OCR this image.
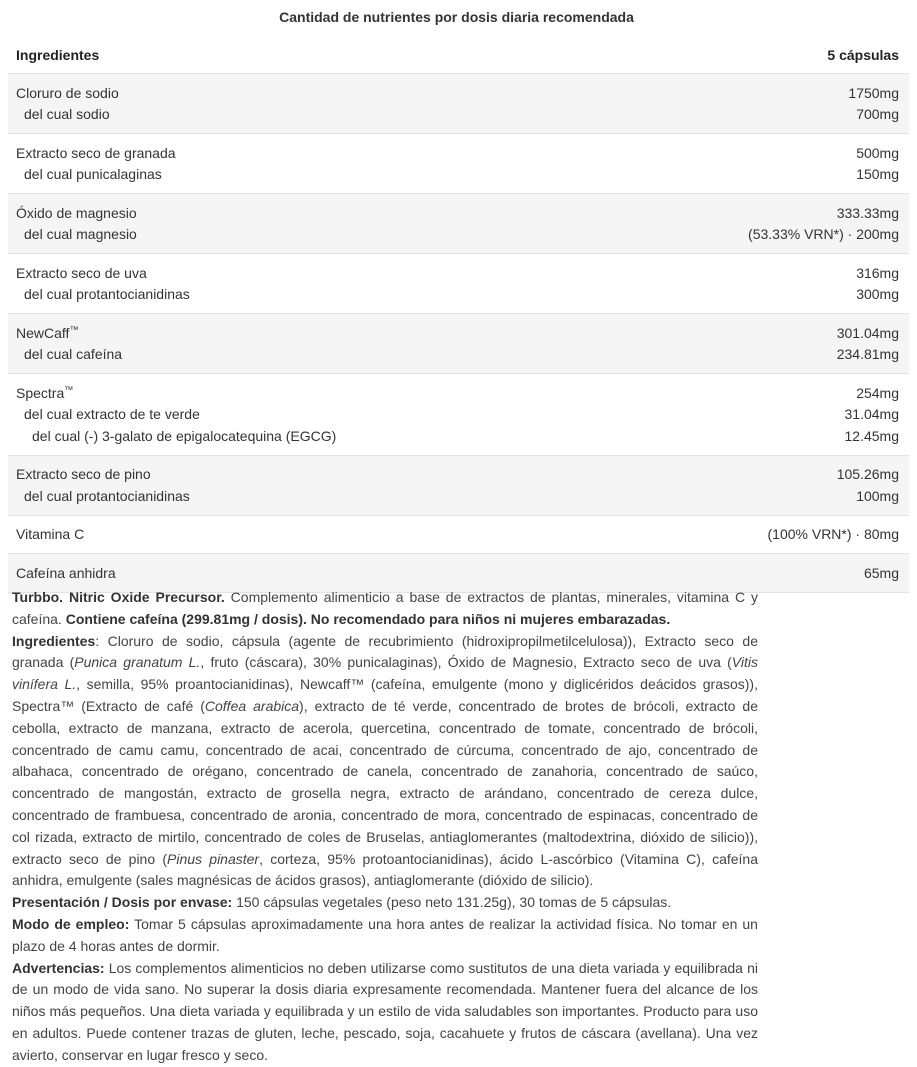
Cantidad de nutrientes por dosis diaria recomendada
Ingredientes	5 cápsulas
Cloruro de sodio	1750mg
del cual sodio	700mg
Extracto seco de granada	500mg
del cual punicalaginas	150mg
Óxido de magnesio	333.33mg
del cual magnesio	(53.33% VRN*) · 200mg
Extracto seco de uva	316mg
del cual protantocianidinas	300mg
NewCaff™	301.04mg
del cual cafeína	234.81mg
Spectra™	254mg
del cual extracto de te verde	31.04mg
del cual (-) 3-galato de epigalocatequina (EGCG)	12.45mg
Extracto seco de pino	105.26mg
del cual protantocianidinas	100mg
Vitamina C	(100% VRN*) · 80mg
Cafeína anhidra	65mg

Turbbo. Nitric Oxide Precursor. Complemento alimenticio a base de extractos de plantas, minerales, vitamina C y cafeína. Contiene cafeína (299.81mg / dosis). No recomendado para niños ni mujeres embarazadas.

Ingredientes: Cloruro de sodio, cápsula (agente de recubrimiento (hidroxipropilmetilcelulosa)), Extracto seco de granada (Punica granatum L., fruto (cáscara), 30% punicalaginas), Óxido de Magnesio, Extracto seco de uva (Vitis vinífera L., semilla, 95% proantocianidinas), Newcaff™ (cafeína, emulgente (mono y diglicéridos deácidos grasos)), Spectra™ (Extracto de café (Coffea arabica), extracto de té verde, concentrado de brotes de brócoli, extracto de cebolla, extracto de manzana, extracto de acerola, quercetina, concentrado de tomate, concentrado de brócoli, concentrado de camu camu, concentrado de acai, concentrado de cúrcuma, concentrado de ajo, concentrado de albahaca, concentrado de orégano, concentrado de canela, concentrado de zanahoria, concentrado de saúco, concentrado de mangostán, extracto de grosella negra, extracto de arándano, concentrado de cereza dulce, concentrado de frambuesa, concentrado de aronia, concentrado de mora, concentrado de espinacas, concentrado de col rizada, extracto de mirtilo, concentrado de coles de Bruselas, antiaglomerantes (maltodextrina, dióxido de silicio)), extracto seco de pino (Pinus pinaster, corteza, 95% protoantocianidinas), ácido L-ascórbico (Vitamina C), cafeína anhidra, emulgente (sales magnésicas de ácidos grasos), antiaglomerante (dióxido de silicio).

Presentación / Dosis por envase: 150 cápsulas vegetales (peso neto 131.25g), 30 tomas de 5 cápsulas.

Modo de empleo: Tomar 5 cápsulas aproximadamente una hora antes de realizar la actividad física. No tomar en un plazo de 4 horas antes de dormir.

Advertencias: Los complementos alimenticios no deben utilizarse como sustitutos de una dieta variada y equilibrada ni de un modo de vida sano. No superar la dosis diaria expresamente recomendada. Mantener fuera del alcance de los niños más pequeños. Una dieta variada y equilibrada y un estilo de vida saludables son importantes. Producto para uso en adultos. Puede contener trazas de gluten, leche, pescado, soja, cacahuete y frutos de cáscara (avellana). Una vez avierto, conservar en lugar fresco y seco.
